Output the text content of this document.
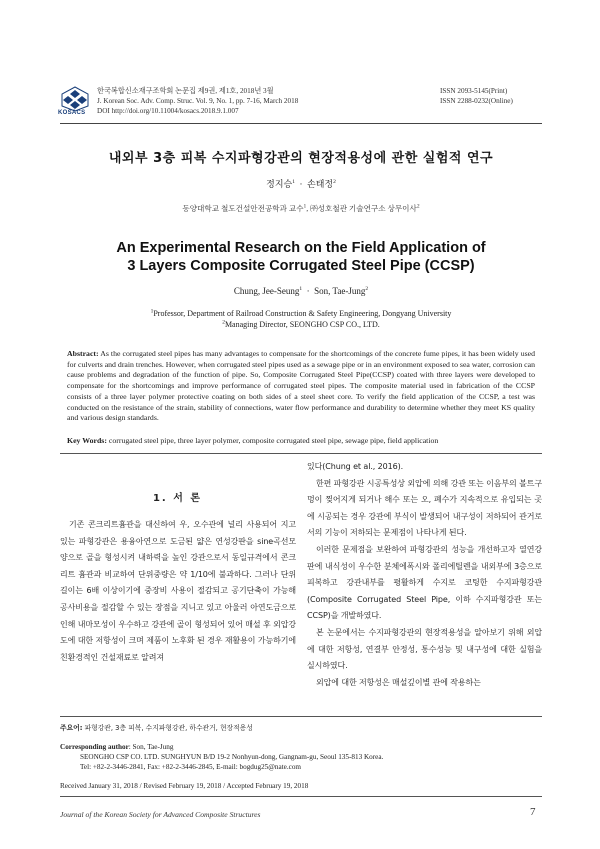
KOSACS
한국복합신소재구조학회 논문집 제9권, 제1호, 2018년 3월
J. Korean Soc. Adv. Comp. Struc. Vol. 9, No. 1, pp. 7-16, March 2018
DOI http://doi.org/10.11004/kosacs.2018.9.1.007
ISSN 2093-5145(Print)
ISSN 2288-0232(Online)
내외부 3층 피복 수지파형강관의 현장적용성에 관한 실험적 연구
정지승$^1$ · 손태정$^2$
동양대학교 철도건설안전공학과 교수$^1$, ㈜성호철관 기술연구소 상무이사$^2$
An Experimental Research on the Field Application of
3 Layers Composite Corrugated Steel Pipe (CCSP)
Chung, Jee-Seung$^1$ · Son, Tae-Jung$^2$
$^1$Professor, Department of Railroad Construction & Safety Engineering, Dongyang University
$^2$Managing Director, SEONGHO CSP CO., LTD.
Abstract: As the corrugated steel pipes has many advantages to compensate for the shortcomings of the concrete fume pipes, it has been widely used for culverts and drain trenches. However, when corrugated steel pipes used as a sewage pipe or in an environment exposed to sea water, corrosion can cause problems and degradation of the function of pipe. So, Composite Corrugated Steel Pipe(CCSP) coated with three layers were developed to compensate for the shortcomings and improve performance of corrugated steel pipes. The composite material used in fabrication of the CCSP consists of a three layer polymer protective coating on both sides of a steel sheet core. To verify the field application of the CCSP, a test was conducted on the resistance of the strain, stability of connections, water flow performance and durability to determine whether they meet KS quality and various design standards.
Key Words: corrugated steel pipe, three layer polymer, composite corrugated steel pipe, sewage pipe, field application
1. 서 론

기존 콘크리트흄관을 대신하여 우, 오수관에 널리 사용되어 지고 있는 파형강관은 용융아연으로 도금된 얇은 연성강판을 sine곡선모양으로 골을 형성시켜 내하력을 높인 강관으로서 동일규격에서 콘크리트 흄관과 비교하여 단위중량은 약 1/10에 불과하다. 그러나 단위길이는 6배 이상이기에 중장비 사용이 절감되고 공기단축이 가능해 공사비용을 절감할 수 있는 장점을 지니고 있고 아울러 아연도금으로 인해 내마모성이 우수하고 강관에 골이 형성되어 있어 매설 후 외압강도에 대한 저항성이 크며 제품이 노후화 된 경우 재활용이 가능하기에 친환경적인 건설재료로 알려져

있다(Chung et al., 2016).

한편 파형강관 시공특성상 외압에 의해 강관 또는 이음부의 볼트구멍이 찢어지게 되거나 해수 또는 오, 폐수가 지속적으로 유입되는 곳에 시공되는 경우 강관에 부식이 발생되어 내구성이 저하되어 관거로서의 기능이 저하되는 문제점이 나타나게 된다.

이러한 문제점을 보완하여 파형강관의 성능을 개선하고자 열연강판에 내식성이 우수한 분체에폭시와 폴리에틸렌을 내외부에 3층으로 피복하고 강관내부를 평활하게 수지로 코팅한 수지파형강관(Composite Corrugated Steel Pipe, 이하 수지파형강관 또는 CCSP)을 개발하였다.

본 논문에서는 수지파형강관의 현장적용성을 알아보기 위해 외압에 대한 저항성, 연결부 안정성, 통수성능 및 내구성에 대한 실험을 실시하였다.

외압에 대한 저항성은 매설깊이별 관에 작용하는

주요어: 파형강관, 3층 피복, 수지파형강관, 하수관거, 현장적용성
Corresponding author: Son, Tae-Jung
SEONGHO CSP CO. LTD. SUNGHYUN B/D 19-2 Nonhyun-dong, Gangnam-gu, Seoul 135-813 Korea.
Tel: +82-2-3446-2841, Fax: +82-2-3446-2845, E-mail: bogdug25@nate.com
Received January 31, 2018 / Revised February 19, 2018 / Accepted February 19, 2018
Journal of the Korean Society for Advanced Composite Structures	7
